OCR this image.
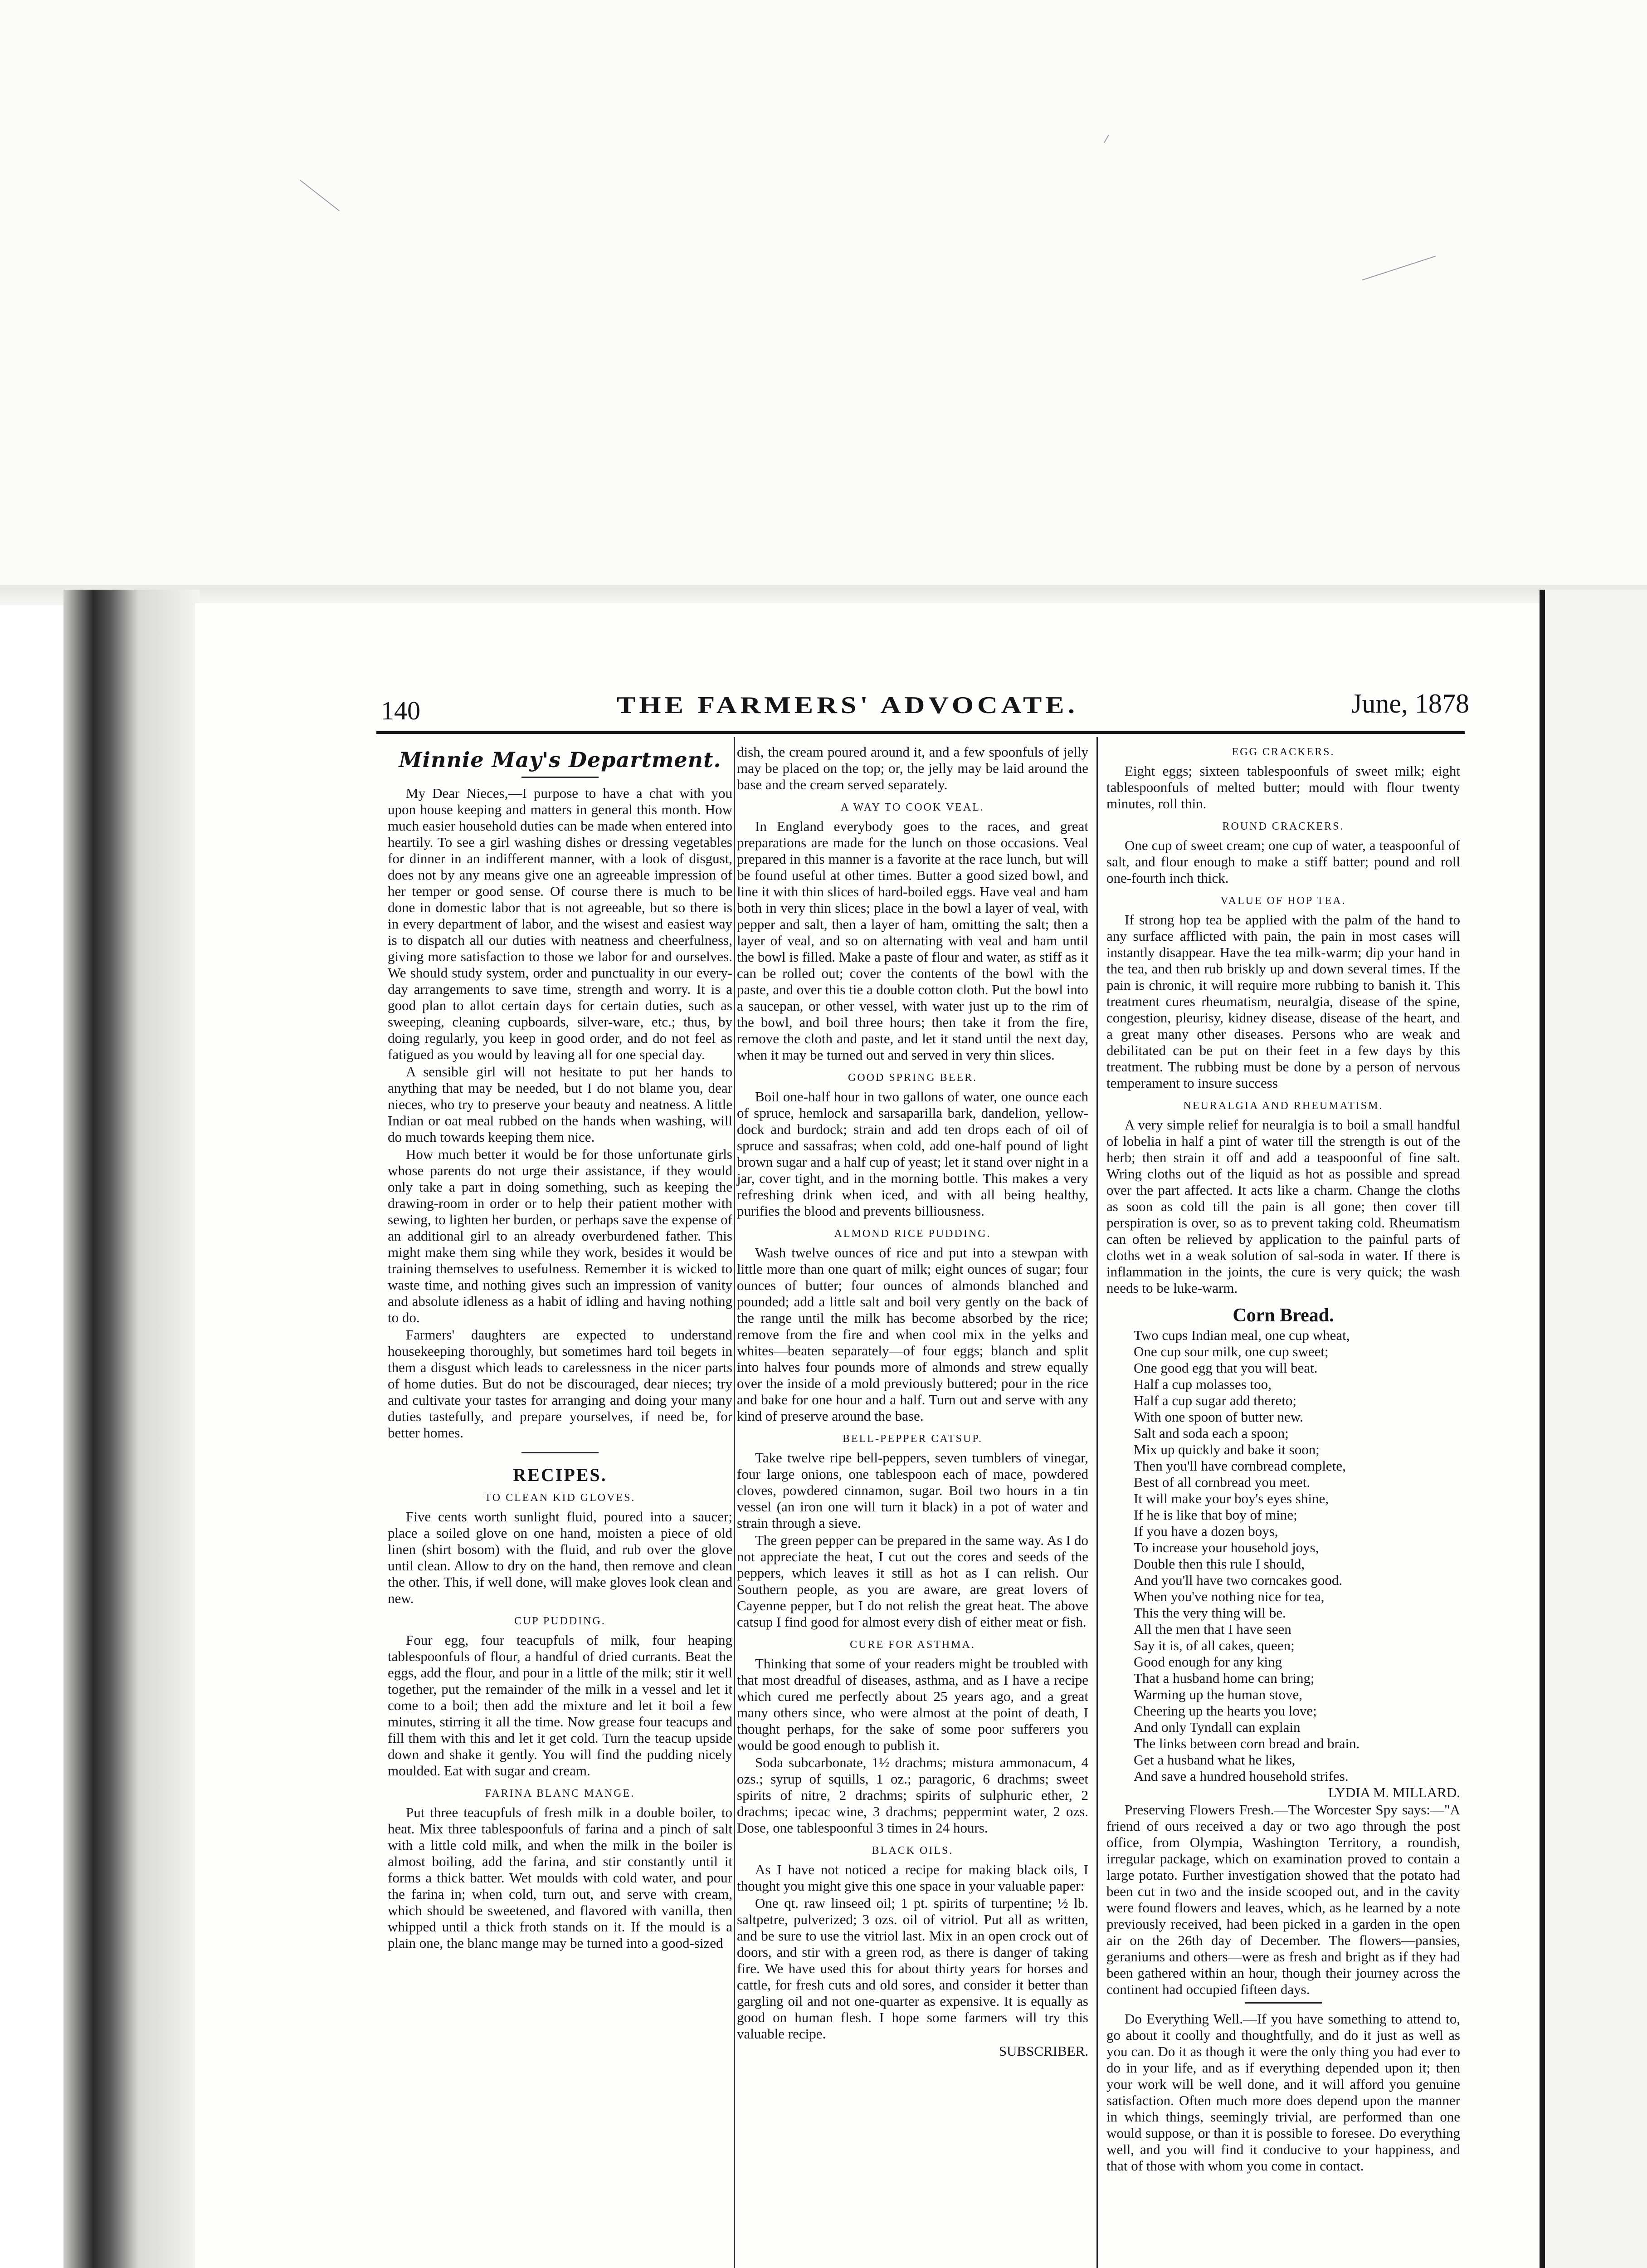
140	THE FARMERS' ADVOCATE.	June, 1878
Minnie May's Department.

My Dear Nieces,—I purpose to have a chat with you upon house keeping and matters in general this month. How much easier household duties can be made when entered into heartily. To see a girl washing dishes or dressing vegetables for dinner in an indifferent manner, with a look of disgust, does not by any means give one an agreeable impression of her temper or good sense. Of course there is much to be done in domestic labor that is not agreeable, but so there is in every department of labor, and the wisest and easiest way is to dispatch all our duties with neatness and cheerfulness, giving more satisfaction to those we labor for and ourselves. We should study system, order and punctuality in our every-day arrangements to save time, strength and worry. It is a good plan to allot certain days for certain duties, such as sweeping, cleaning cupboards, silver-ware, etc.; thus, by doing regularly, you keep in good order, and do not feel as fatigued as you would by leaving all for one special day.

A sensible girl will not hesitate to put her hands to anything that may be needed, but I do not blame you, dear nieces, who try to preserve your beauty and neatness. A little Indian or oat meal rubbed on the hands when washing, will do much towards keeping them nice.

How much better it would be for those unfortunate girls whose parents do not urge their assistance, if they would only take a part in doing something, such as keeping the drawing-room in order or to help their patient mother with sewing, to lighten her burden, or perhaps save the expense of an additional girl to an already overburdened father. This might make them sing while they work, besides it would be training themselves to usefulness. Remember it is wicked to waste time, and nothing gives such an impression of vanity and absolute idleness as a habit of idling and having nothing to do.

Farmers' daughters are expected to understand housekeeping thoroughly, but sometimes hard toil begets in them a disgust which leads to carelessness in the nicer parts of home duties. But do not be discouraged, dear nieces; try and cultivate your tastes for arranging and doing your many duties tastefully, and prepare yourselves, if need be, for better homes.

RECIPES.
TO CLEAN KID GLOVES.

Five cents worth sunlight fluid, poured into a saucer; place a soiled glove on one hand, moisten a piece of old linen (shirt bosom) with the fluid, and rub over the glove until clean. Allow to dry on the hand, then remove and clean the other. This, if well done, will make gloves look clean and new.

CUP PUDDING.

Four egg, four teacupfuls of milk, four heaping tablespoonfuls of flour, a handful of dried currants. Beat the eggs, add the flour, and pour in a little of the milk; stir it well together, put the remainder of the milk in a vessel and let it come to a boil; then add the mixture and let it boil a few minutes, stirring it all the time. Now grease four teacups and fill them with this and let it get cold. Turn the teacup upside down and shake it gently. You will find the pudding nicely moulded. Eat with sugar and cream.

FARINA BLANC MANGE.

Put three teacupfuls of fresh milk in a double boiler, to heat. Mix three tablespoonfuls of farina and a pinch of salt with a little cold milk, and when the milk in the boiler is almost boiling, add the farina, and stir constantly until it forms a thick batter. Wet moulds with cold water, and pour the farina in; when cold, turn out, and serve with cream, which should be sweetened, and flavored with vanilla, then whipped until a thick froth stands on it. If the mould is a plain one, the blanc mange may be turned into a good-sized

dish, the cream poured around it, and a few spoonfuls of jelly may be placed on the top; or, the jelly may be laid around the base and the cream served separately.

A WAY TO COOK VEAL.

In England everybody goes to the races, and great preparations are made for the lunch on those occasions. Veal prepared in this manner is a favorite at the race lunch, but will be found useful at other times. Butter a good sized bowl, and line it with thin slices of hard-boiled eggs. Have veal and ham both in very thin slices; place in the bowl a layer of veal, with pepper and salt, then a layer of ham, omitting the salt; then a layer of veal, and so on alternating with veal and ham until the bowl is filled. Make a paste of flour and water, as stiff as it can be rolled out; cover the contents of the bowl with the paste, and over this tie a double cotton cloth. Put the bowl into a saucepan, or other vessel, with water just up to the rim of the bowl, and boil three hours; then take it from the fire, remove the cloth and paste, and let it stand until the next day, when it may be turned out and served in very thin slices.

GOOD SPRING BEER.

Boil one-half hour in two gallons of water, one ounce each of spruce, hemlock and sarsaparilla bark, dandelion, yellow-dock and burdock; strain and add ten drops each of oil of spruce and sassafras; when cold, add one-half pound of light brown sugar and a half cup of yeast; let it stand over night in a jar, cover tight, and in the morning bottle. This makes a very refreshing drink when iced, and with all being healthy, purifies the blood and prevents billiousness.

ALMOND RICE PUDDING.

Wash twelve ounces of rice and put into a stewpan with little more than one quart of milk; eight ounces of sugar; four ounces of butter; four ounces of almonds blanched and pounded; add a little salt and boil very gently on the back of the range until the milk has become absorbed by the rice; remove from the fire and when cool mix in the yelks and whites—beaten separately—of four eggs; blanch and split into halves four pounds more of almonds and strew equally over the inside of a mold previously buttered; pour in the rice and bake for one hour and a half. Turn out and serve with any kind of preserve around the base.

BELL-PEPPER CATSUP.

Take twelve ripe bell-peppers, seven tumblers of vinegar, four large onions, one tablespoon each of mace, powdered cloves, powdered cinnamon, sugar. Boil two hours in a tin vessel (an iron one will turn it black) in a pot of water and strain through a sieve.

The green pepper can be prepared in the same way. As I do not appreciate the heat, I cut out the cores and seeds of the peppers, which leaves it still as hot as I can relish. Our Southern people, as you are aware, are great lovers of Cayenne pepper, but I do not relish the great heat. The above catsup I find good for almost every dish of either meat or fish.

CURE FOR ASTHMA.

Thinking that some of your readers might be troubled with that most dreadful of diseases, asthma, and as I have a recipe which cured me perfectly about 25 years ago, and a great many others since, who were almost at the point of death, I thought perhaps, for the sake of some poor sufferers you would be good enough to publish it.

Soda subcarbonate, 1½ drachms; mistura ammonacum, 4 ozs.; syrup of squills, 1 oz.; paragoric, 6 drachms; sweet spirits of nitre, 2 drachms; spirits of sulphuric ether, 2 drachms; ipecac wine, 3 drachms; peppermint water, 2 ozs. Dose, one tablespoonful 3 times in 24 hours.

BLACK OILS.

As I have not noticed a recipe for making black oils, I thought you might give this one space in your valuable paper:

One qt. raw linseed oil; 1 pt. spirits of turpentine; ½ lb. saltpetre, pulverized; 3 ozs. oil of vitriol. Put all as written, and be sure to use the vitriol last. Mix in an open crock out of doors, and stir with a green rod, as there is danger of taking fire. We have used this for about thirty years for horses and cattle, for fresh cuts and old sores, and consider it better than gargling oil and not one-quarter as expensive. It is equally as good on human flesh. I hope some farmers will try this valuable recipe.

SUBSCRIBER.

EGG CRACKERS.

Eight eggs; sixteen tablespoonfuls of sweet milk; eight tablespoonfuls of melted butter; mould with flour twenty minutes, roll thin.

ROUND CRACKERS.

One cup of sweet cream; one cup of water, a teaspoonful of salt, and flour enough to make a stiff batter; pound and roll one-fourth inch thick.

VALUE OF HOP TEA.

If strong hop tea be applied with the palm of the hand to any surface afflicted with pain, the pain in most cases will instantly disappear. Have the tea milk-warm; dip your hand in the tea, and then rub briskly up and down several times. If the pain is chronic, it will require more rubbing to banish it. This treatment cures rheumatism, neuralgia, disease of the spine, congestion, pleurisy, kidney disease, disease of the heart, and a great many other diseases. Persons who are weak and debilitated can be put on their feet in a few days by this treatment. The rubbing must be done by a person of nervous temperament to insure success

NEURALGIA AND RHEUMATISM.

A very simple relief for neuralgia is to boil a small handful of lobelia in half a pint of water till the strength is out of the herb; then strain it off and add a teaspoonful of fine salt. Wring cloths out of the liquid as hot as possible and spread over the part affected. It acts like a charm. Change the cloths as soon as cold till the pain is all gone; then cover till perspiration is over, so as to prevent taking cold. Rheumatism can often be relieved by application to the painful parts of cloths wet in a weak solution of sal-soda in water. If there is inflammation in the joints, the cure is very quick; the wash needs to be luke-warm.

Corn Bread.
Two cups Indian meal, one cup wheat,
One cup sour milk, one cup sweet;
One good egg that you will beat.
Half a cup molasses too,
Half a cup sugar add thereto;
With one spoon of butter new.
Salt and soda each a spoon;
Mix up quickly and bake it soon;
Then you'll have cornbread complete,
Best of all cornbread you meet.
It will make your boy's eyes shine,
If he is like that boy of mine;
If you have a dozen boys,
To increase your household joys,
Double then this rule I should,
And you'll have two corncakes good.
When you've nothing nice for tea,
This the very thing will be.
All the men that I have seen
Say it is, of all cakes, queen;
Good enough for any king
That a husband home can bring;
Warming up the human stove,
Cheering up the hearts you love;
And only Tyndall can explain
The links between corn bread and brain.
Get a husband what he likes,
And save a hundred household strifes.

LYDIA M. MILLARD.

Preserving Flowers Fresh.—The Worcester Spy says:—"A friend of ours received a day or two ago through the post office, from Olympia, Washington Territory, a roundish, irregular package, which on examination proved to contain a large potato. Further investigation showed that the potato had been cut in two and the inside scooped out, and in the cavity were found flowers and leaves, which, as he learned by a note previously received, had been picked in a garden in the open air on the 26th day of December. The flowers—pansies, geraniums and others—were as fresh and bright as if they had been gathered within an hour, though their journey across the continent had occupied fifteen days.

Do Everything Well.—If you have something to attend to, go about it coolly and thoughtfully, and do it just as well as you can. Do it as though it were the only thing you had ever to do in your life, and as if everything depended upon it; then your work will be well done, and it will afford you genuine satisfaction. Often much more does depend upon the manner in which things, seemingly trivial, are performed than one would suppose, or than it is possible to foresee. Do everything well, and you will find it conducive to your happiness, and that of those with whom you come in contact.
